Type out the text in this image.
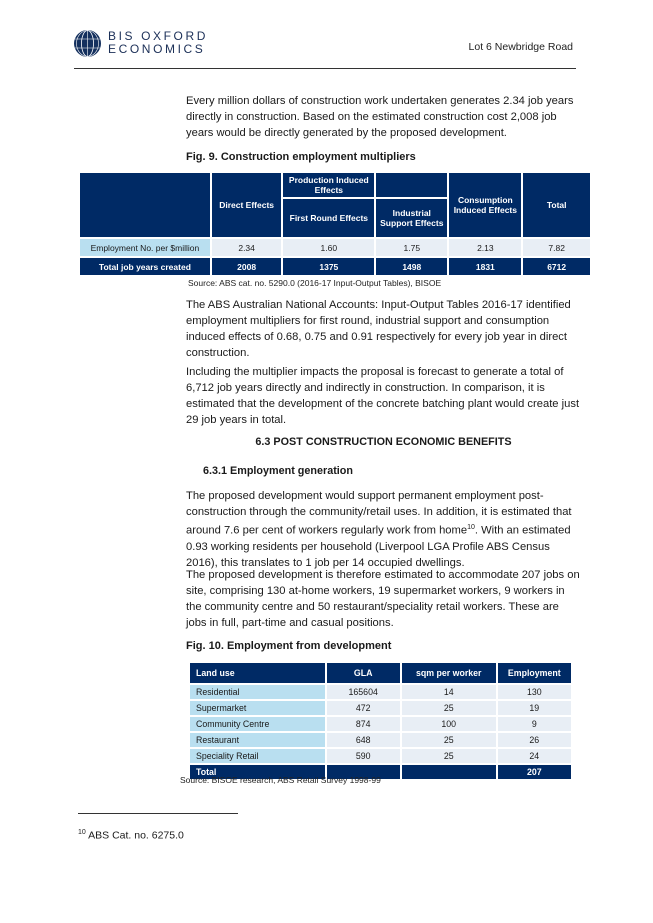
BIS OXFORD
ECONOMICS	Lot 6 Newbridge Road
Every million dollars of construction work undertaken generates 2.34 job years directly in construction. Based on the estimated construction cost 2,008 job years would be directly generated by the proposed development.
Fig. 9. Construction employment multipliers
	Direct Effects	Production Induced Effects		Consumption Induced Effects	Total
		First Round Effects	Industrial Support Effects		
Employment No. per $million	2.34	1.60	1.75	2.13	7.82
Total job years created	2008	1375	1498	1831	6712
Source: ABS cat. no. 5290.0 (2016-17 Input-Output Tables), BISOE
The ABS Australian National Accounts: Input-Output Tables 2016-17 identified employment multipliers for first round, industrial support and consumption induced effects of 0.68, 0.75 and 0.91 respectively for every job year in direct construction.
Including the multiplier impacts the proposal is forecast to generate a total of 6,712 job years directly and indirectly in construction. In comparison, it is estimated that the development of the concrete batching plant would create just 29 job years in total.
6.3 POST CONSTRUCTION ECONOMIC BENEFITS
6.3.1 Employment generation
The proposed development would support permanent employment post-construction through the community/retail uses. In addition, it is estimated that around 7.6 per cent of workers regularly work from home$^{10}$. With an estimated 0.93 working residents per household (Liverpool LGA Profile ABS Census 2016), this translates to 1 job per 14 occupied dwellings.
The proposed development is therefore estimated to accommodate 207 jobs on site, comprising 130 at-home workers, 19 supermarket workers, 9 workers in the community centre and 50 restaurant/speciality retail workers. These are jobs in full, part-time and casual positions.
Fig. 10. Employment from development
Land use	GLA	sqm per worker	Employment
Residential	165604	14	130
Supermarket	472	25	19
Community Centre	874	100	9
Restaurant	648	25	26
Speciality Retail	590	25	24
Total			207
Source: BISOE research, ABS Retail Survey 1998-99
$^{10}$ ABS Cat. no. 6275.0
